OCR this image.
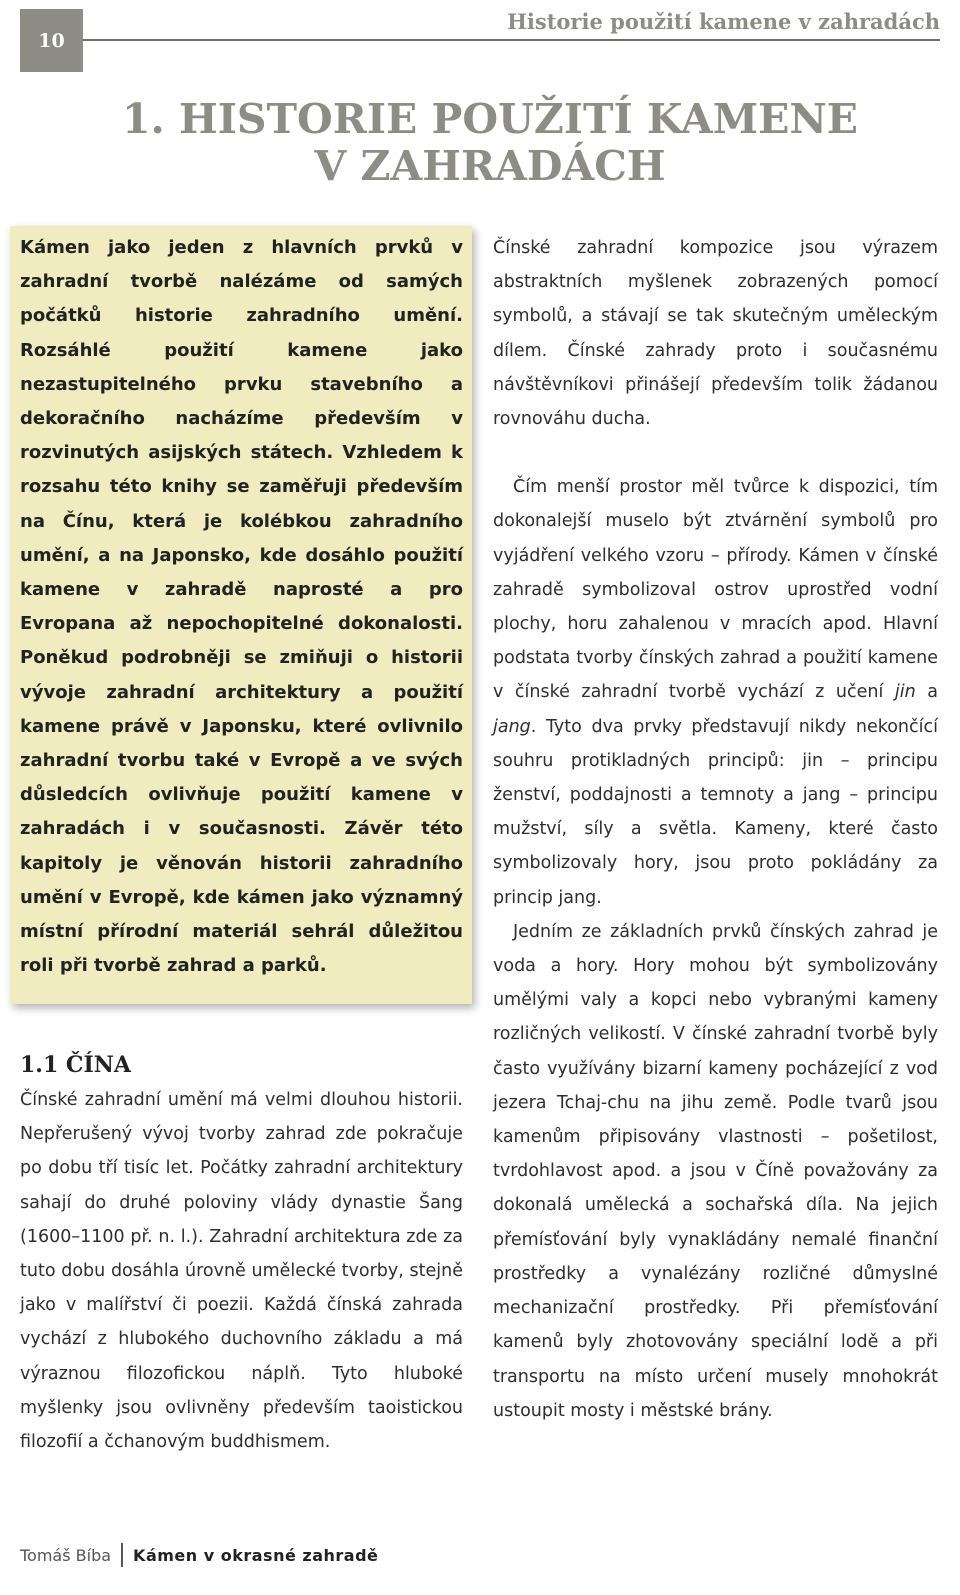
10
Historie použití kamene v zahradách
1. HISTORIE POUŽITÍ KAMENE
V ZAHRADÁCH

Kámen jako jeden z hlavních prvků v zahradní tvorbě nalézáme od samých počátků historie zahradního umění. Rozsáhlé použití kamene jako nezastupitelného prvku stavebního a dekoračního nacházíme především v rozvinutých asijských státech. Vzhledem k rozsahu této knihy se zaměřuji především na Čínu, která je kolébkou zahradního umění, a na Japonsko, kde dosáhlo použití kamene v zahradě naprosté a pro Evropana až nepochopitelné dokonalosti. Poněkud podrobněji se zmiňuji o historii vývoje zahradní architektury a použití kamene právě v Japonsku, které ovlivnilo zahradní tvorbu také v Evropě a ve svých důsledcích ovlivňuje použití kamene v zahradách i v současnosti. Závěr této kapitoly je věnován historii zahradního umění v Evropě, kde kámen jako významný místní přírodní materiál sehrál důležitou roli při tvorbě zahrad a parků.

1.1 ČÍNA

Čínské zahradní umění má velmi dlouhou historii. Nepřerušený vývoj tvorby zahrad zde pokračuje po dobu tří tisíc let. Počátky zahradní architektury sahají do druhé poloviny vlády dynastie Šang (1600–1100 př. n. l.). Zahradní architektura zde za tuto dobu dosáhla úrovně umělecké tvorby, stejně jako v malířství či poezii. Každá čínská zahrada vychází z hlubokého duchovního základu a má výraznou filozofickou náplň. Tyto hluboké myšlenky jsou ovlivněny především taoistickou filozofií a čchanovým buddhismem.

Čínské zahradní kompozice jsou výrazem abstraktních myšlenek zobrazených pomocí symbolů, a stávají se tak skutečným uměleckým dílem. Čínské zahrady proto i současnému návštěvníkovi přinášejí především tolik žádanou rovnováhu ducha.

Čím menší prostor měl tvůrce k dispozici, tím dokonalejší muselo být ztvárnění symbolů pro vyjádření velkého vzoru – přírody. Kámen v čínské zahradě symbolizoval ostrov uprostřed vodní plochy, horu zahalenou v mracích apod. Hlavní podstata tvorby čínských zahrad a použití kamene v čínské zahradní tvorbě vychází z učení jin a jang. Tyto dva prvky představují nikdy nekončící souhru protikladných principů: jin – principu ženství, poddajnosti a temnoty a jang – principu mužství, síly a světla. Kameny, které často symbolizovaly hory, jsou proto pokládány za princip jang.

Jedním ze základních prvků čínských zahrad je voda a hory. Hory mohou být symbolizovány umělými valy a kopci nebo vybranými kameny rozličných velikostí. V čínské zahradní tvorbě byly často využívány bizarní kameny pocházející z vod jezera Tchaj-chu na jihu země. Podle tvarů jsou kamenům připisovány vlastnosti – pošetilost, tvrdohlavost apod. a jsou v Číně považovány za dokonalá umělecká a sochařská díla. Na jejich přemísťování byly vynakládány nemalé finanční prostředky a vynalézány rozličné důmyslné mechanizační prostředky. Při přemísťování kamenů byly zhotovovány speciální lodě a při transportu na místo určení musely mnohokrát ustoupit mosty i městské brány.

Tomáš Bíba Kámen v okrasné zahradě
